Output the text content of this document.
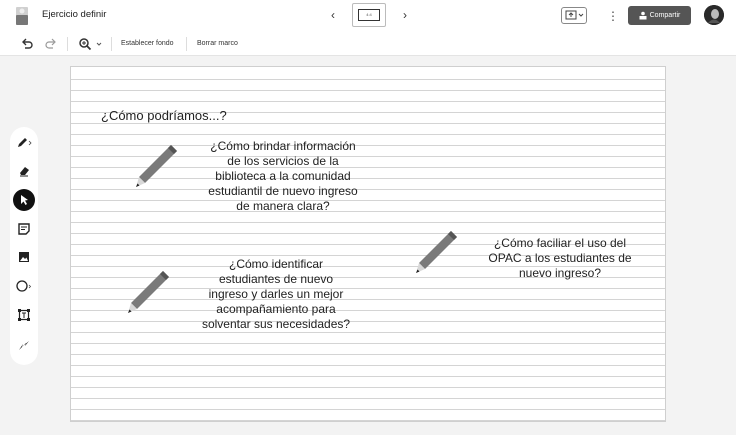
Ejercicio definir	‹	4:4	›	⋮	Compartir
Establecer fondo	Borrar marco
¿Cómo podríamos...?
¿Cómo brindar información
de los servicios de la
biblioteca a la comunidad
estudiantil de nuevo ingreso
de manera clara?
¿Cómo identificar
estudiantes de nuevo
ingreso y darles un mejor
acompañamiento para
solventar sus necesidades?
¿Cómo faciliar el uso del
OPAC a los estudiantes de
nuevo ingreso?
